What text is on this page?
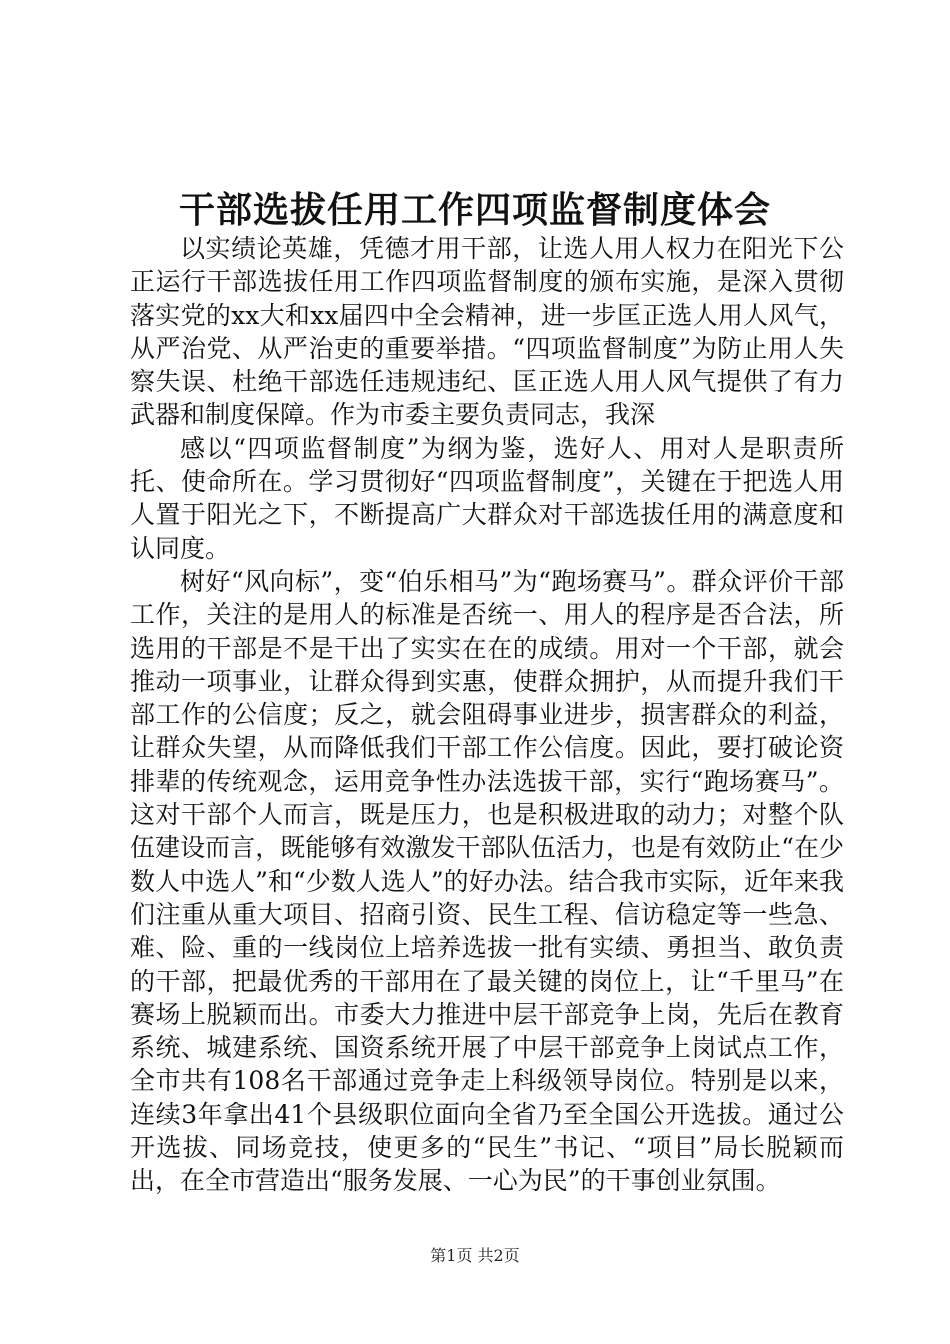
干部选拔任用工作四项监督制度体会

以实绩论英雄，凭德才用干部，让选人用人权力在阳光下公正运行干部选拔任用工作四项监督制度的颁布实施，是深入贯彻落实党的xx大和xx届四中全会精神，进一步匡正选人用人风气，从严治党、从严治吏的重要举措。“四项监督制度”为防止用人失察失误、杜绝干部选任违规违纪、匡正选人用人风气提供了有力武器和制度保障。作为市委主要负责同志，我深

感以“四项监督制度”为纲为鉴，选好人、用对人是职责所托、使命所在。学习贯彻好“四项监督制度”，关键在于把选人用人置于阳光之下，不断提高广大群众对干部选拔任用的满意度和认同度。

树好“风向标”，变“伯乐相马”为“跑场赛马”。群众评价干部工作，关注的是用人的标准是否统一、用人的程序是否合法，所选用的干部是不是干出了实实在在的成绩。用对一个干部，就会推动一项事业，让群众得到实惠，使群众拥护，从而提升我们干部工作的公信度；反之，就会阻碍事业进步，损害群众的利益，让群众失望，从而降低我们干部工作公信度。因此，要打破论资排辈的传统观念，运用竞争性办法选拔干部，实行“跑场赛马”。这对干部个人而言，既是压力，也是积极进取的动力；对整个队伍建设而言，既能够有效激发干部队伍活力，也是有效防止“在少数人中选人”和“少数人选人”的好办法。结合我市实际，近年来我们注重从重大项目、招商引资、民生工程、信访稳定等一些急、难、险、重的一线岗位上培养选拔一批有实绩、勇担当、敢负责的干部，把最优秀的干部用在了最关键的岗位上，让“千里马”在赛场上脱颖而出。市委大力推进中层干部竞争上岗，先后在教育系统、城建系统、国资系统开展了中层干部竞争上岗试点工作，全市共有108名干部通过竞争走上科级领导岗位。特别是以来，连续3年拿出41个县级职位面向全省乃至全国公开选拔。通过公开选拔、同场竞技，使更多的“民生”书记、“项目”局长脱颖而出，在全市营造出“服务发展、一心为民”的干事创业氛围。

第1页 共2页
